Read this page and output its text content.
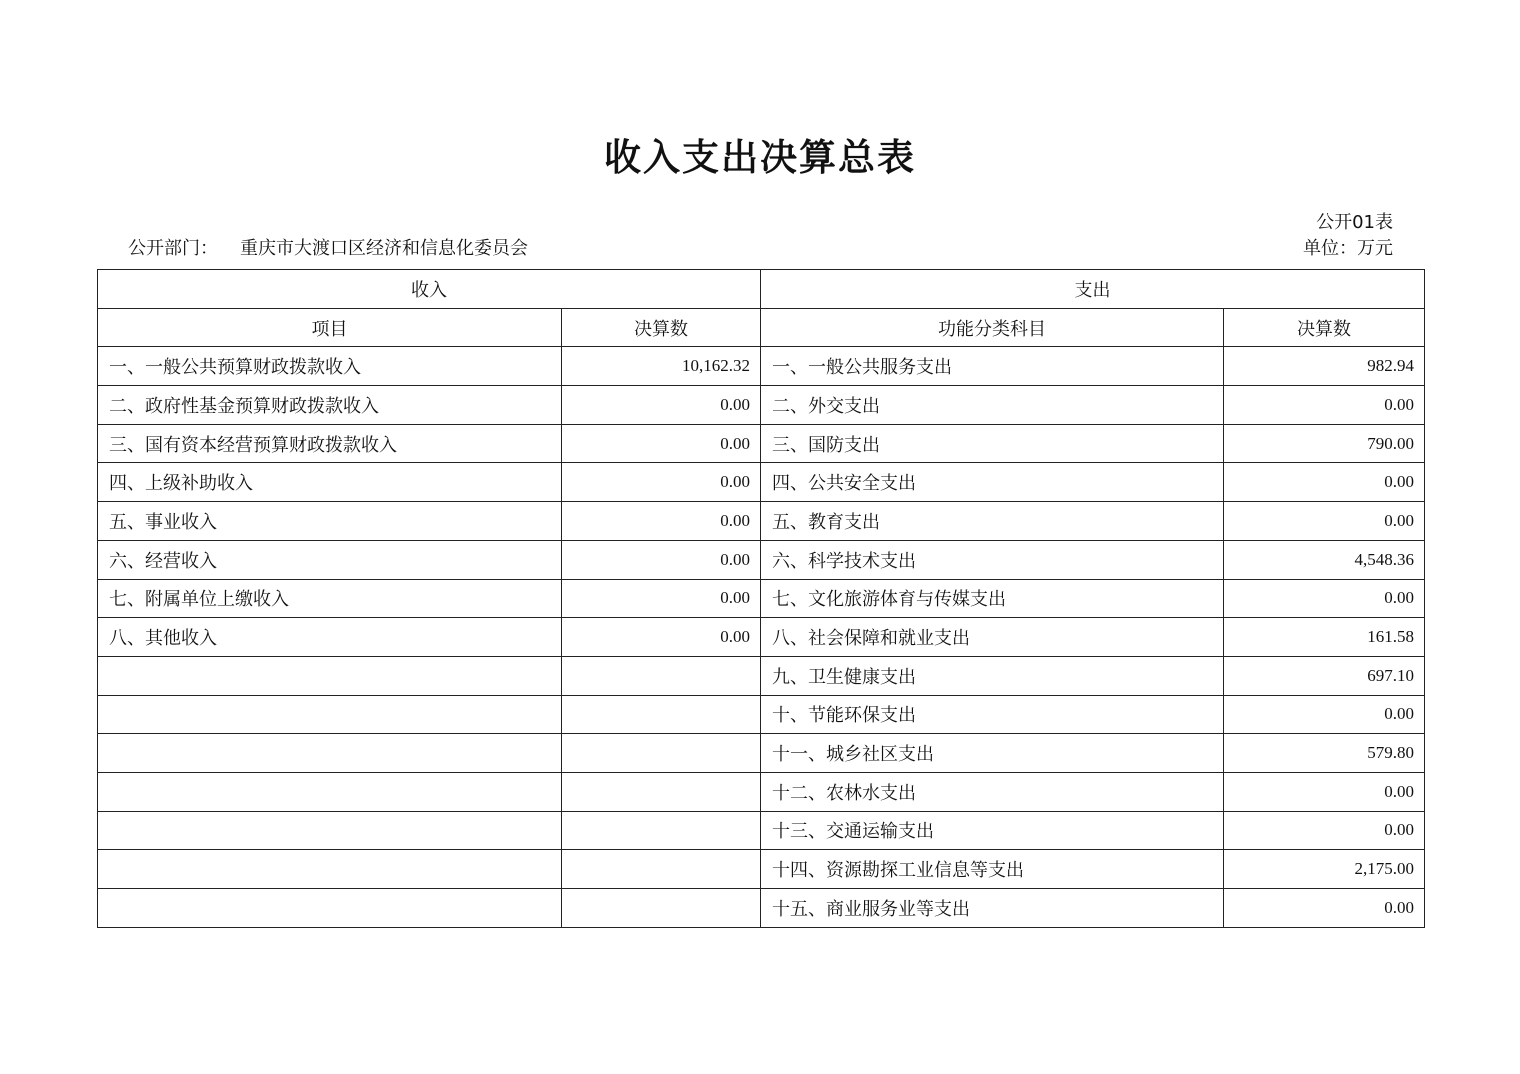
收入支出决算总表
公开01表
单位：万元
公开部门： 重庆市大渡口区经济和信息化委员会
收入		支出	
项目	决算数	功能分类科目	决算数
一、一般公共预算财政拨款收入	10,162.32	一、一般公共服务支出	982.94
二、政府性基金预算财政拨款收入	0.00	二、外交支出	0.00
三、国有资本经营预算财政拨款收入	0.00	三、国防支出	790.00
四、上级补助收入	0.00	四、公共安全支出	0.00
五、事业收入	0.00	五、教育支出	0.00
六、经营收入	0.00	六、科学技术支出	4,548.36
七、附属单位上缴收入	0.00	七、文化旅游体育与传媒支出	0.00
八、其他收入	0.00	八、社会保障和就业支出	161.58
		九、卫生健康支出	697.10
		十、节能环保支出	0.00
		十一、城乡社区支出	579.80
		十二、农林水支出	0.00
		十三、交通运输支出	0.00
		十四、资源勘探工业信息等支出	2,175.00
		十五、商业服务业等支出	0.00
